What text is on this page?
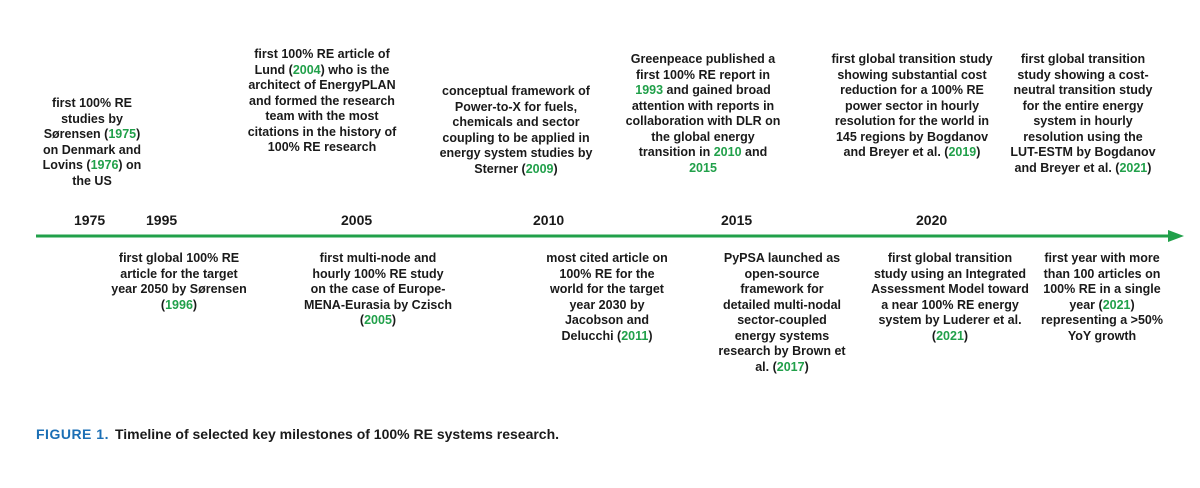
1975	1995	2005	2010	2015	2020
first 100% RE studies by Sørensen (1975) on Denmark and Lovins (1976) on the US
first 100% RE article of Lund (2004) who is the architect of EnergyPLAN and formed the research team with the most citations in the history of 100% RE research
conceptual framework of Power-to-X for fuels, chemicals and sector coupling to be applied in energy system studies by Sterner (2009)
Greenpeace published a first 100% RE report in 1993 and gained broad attention with reports in collaboration with DLR on the global energy transition in 2010 and 2015
first global transition study showing substantial cost reduction for a 100% RE power sector in hourly resolution for the world in 145 regions by Bogdanov and Breyer et al. (2019)
first global transition study showing a cost-neutral transition study for the entire energy system in hourly resolution using the LUT-ESTM by Bogdanov and Breyer et al. (2021)
first global 100% RE article for the target year 2050 by Sørensen (1996)
first multi-node and hourly 100% RE study on the case of Europe-MENA-Eurasia by Czisch (2005)
most cited article on 100% RE for the world for the target year 2030 by Jacobson and Delucchi (2011)
PyPSA launched as open-source framework for detailed multi-nodal sector-coupled energy systems research by Brown et al. (2017)
first global transition study using an Integrated Assessment Model toward a near 100% RE energy system by Luderer et al. (2021)
first year with more than 100 articles on 100% RE in a single year (2021) representing a >50% YoY growth
FIGURE 1. Timeline of selected key milestones of 100% RE systems research.
